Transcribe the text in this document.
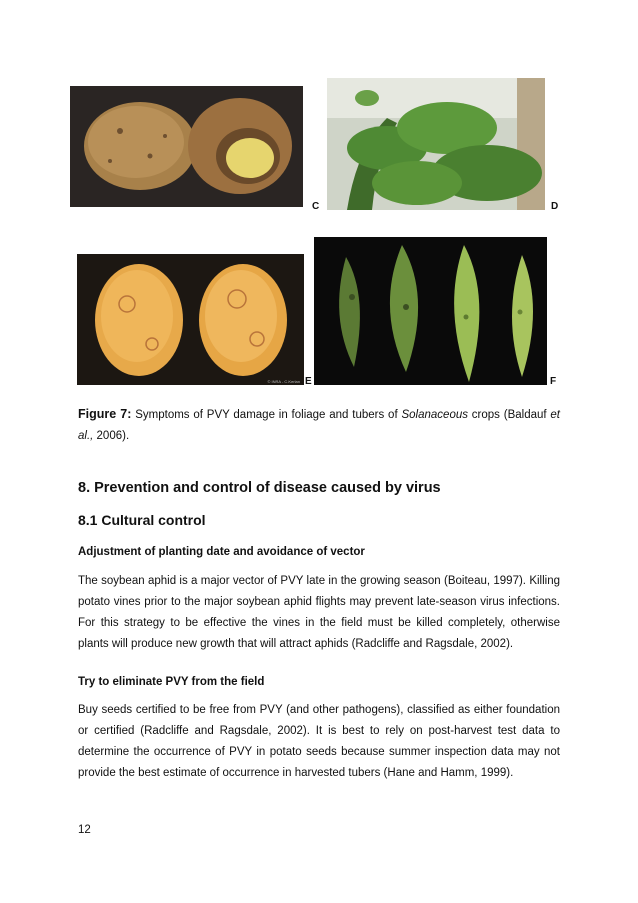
C	D
© INRA - C.Kerlan E	F
Figure 7: Symptoms of PVY damage in foliage and tubers of Solanaceous crops (Baldauf et al., 2006).
8. Prevention and control of disease caused by virus
8.1 Cultural control
Adjustment of planting date and avoidance of vector
The soybean aphid is a major vector of PVY late in the growing season (Boiteau, 1997). Killing potato vines prior to the major soybean aphid flights may prevent late-season virus infections. For this strategy to be effective the vines in the field must be killed completely, otherwise plants will produce new growth that will attract aphids (Radcliffe and Ragsdale, 2002).
Try to eliminate PVY from the field
Buy seeds certified to be free from PVY (and other pathogens), classified as either foundation or certified (Radcliffe and Ragsdale, 2002). It is best to rely on post-harvest test data to determine the occurrence of PVY in potato seeds because summer inspection data may not provide the best estimate of occurrence in harvested tubers (Hane and Hamm, 1999).
12
